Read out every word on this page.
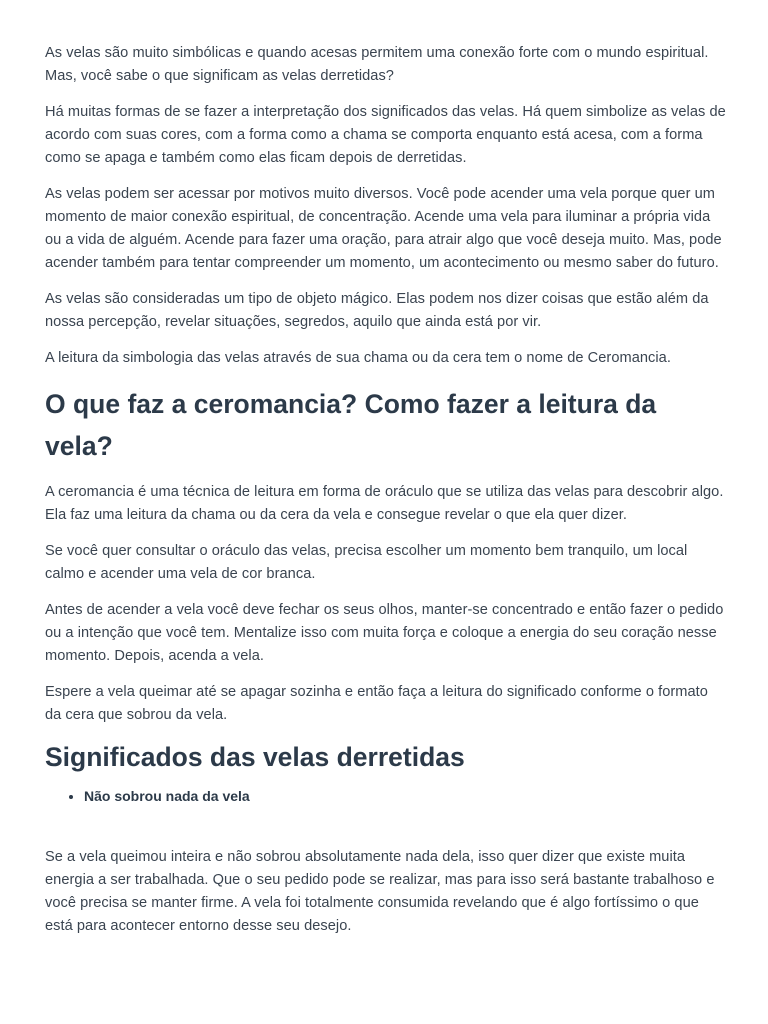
As velas são muito simbólicas e quando acesas permitem uma conexão forte com o mundo espiritual. Mas, você sabe o que significam as velas derretidas?

Há muitas formas de se fazer a interpretação dos significados das velas. Há quem simbolize as velas de acordo com suas cores, com a forma como a chama se comporta enquanto está acesa, com a forma como se apaga e também como elas ficam depois de derretidas.

As velas podem ser acessar por motivos muito diversos. Você pode acender uma vela porque quer um momento de maior conexão espiritual, de concentração. Acende uma vela para iluminar a própria vida ou a vida de alguém. Acende para fazer uma oração, para atrair algo que você deseja muito. Mas, pode acender também para tentar compreender um momento, um acontecimento ou mesmo saber do futuro.

As velas são consideradas um tipo de objeto mágico. Elas podem nos dizer coisas que estão além da nossa percepção, revelar situações, segredos, aquilo que ainda está por vir.

A leitura da simbologia das velas através de sua chama ou da cera tem o nome de Ceromancia.

O que faz a ceromancia? Como fazer a leitura da vela?

A ceromancia é uma técnica de leitura em forma de oráculo que se utiliza das velas para descobrir algo. Ela faz uma leitura da chama ou da cera da vela e consegue revelar o que ela quer dizer.

Se você quer consultar o oráculo das velas, precisa escolher um momento bem tranquilo, um local calmo e acender uma vela de cor branca.

Antes de acender a vela você deve fechar os seus olhos, manter-se concentrado e então fazer o pedido ou a intenção que você tem. Mentalize isso com muita força e coloque a energia do seu coração nesse momento. Depois, acenda a vela.

Espere a vela queimar até se apagar sozinha e então faça a leitura do significado conforme o formato da cera que sobrou da vela.

Significados das velas derretidas
• Não sobrou nada da vela

Se a vela queimou inteira e não sobrou absolutamente nada dela, isso quer dizer que existe muita energia a ser trabalhada. Que o seu pedido pode se realizar, mas para isso será bastante trabalhoso e você precisa se manter firme. A vela foi totalmente consumida revelando que é algo fortíssimo o que está para acontecer entorno desse seu desejo.
